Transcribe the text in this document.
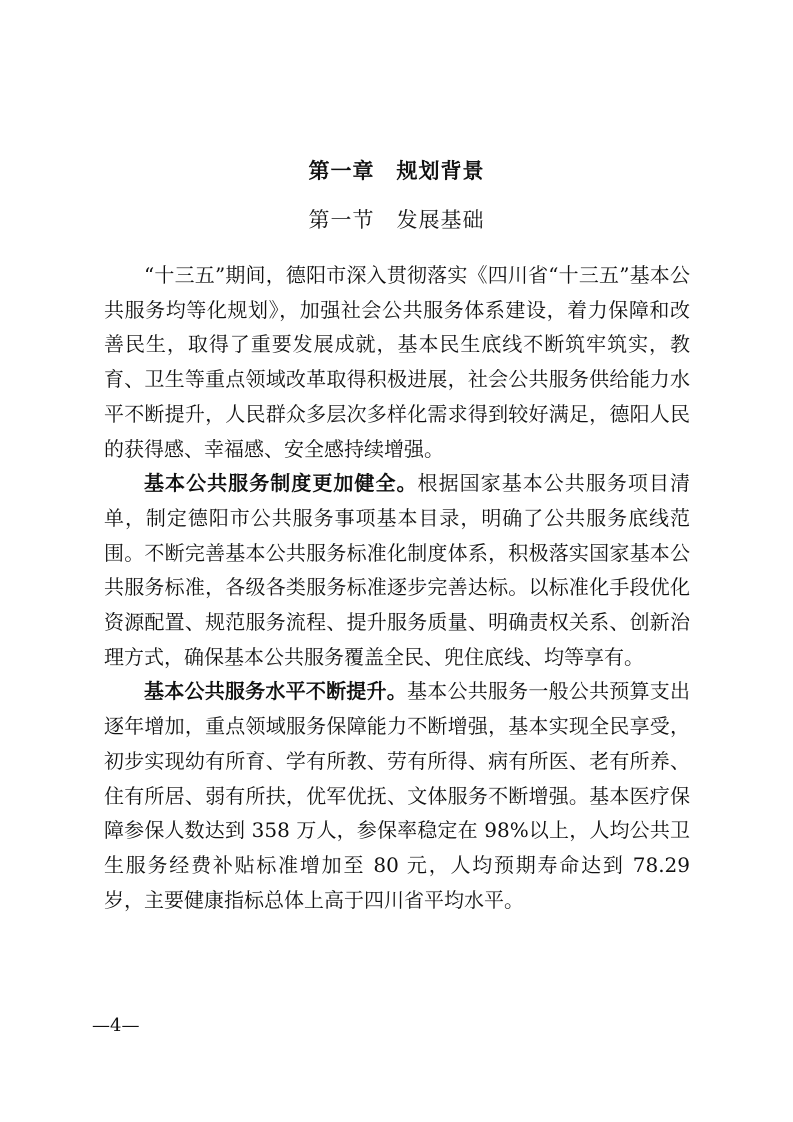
第一章　规划背景
第一节　发展基础

“十三五”期间，德阳市深入贯彻落实《四川省“十三五”基本公共服务均等化规划》，加强社会公共服务体系建设，着力保障和改善民生，取得了重要发展成就，基本民生底线不断筑牢筑实，教育、卫生等重点领域改革取得积极进展，社会公共服务供给能力水平不断提升，人民群众多层次多样化需求得到较好满足，德阳人民的获得感、幸福感、安全感持续增强。

基本公共服务制度更加健全。根据国家基本公共服务项目清单，制定德阳市公共服务事项基本目录，明确了公共服务底线范围。不断完善基本公共服务标准化制度体系，积极落实国家基本公共服务标准，各级各类服务标准逐步完善达标。以标准化手段优化资源配置、规范服务流程、提升服务质量、明确责权关系、创新治理方式，确保基本公共服务覆盖全民、兜住底线、均等享有。

基本公共服务水平不断提升。基本公共服务一般公共预算支出逐年增加，重点领域服务保障能力不断增强，基本实现全民享受，初步实现幼有所育、学有所教、劳有所得、病有所医、老有所养、住有所居、弱有所扶，优军优抚、文体服务不断增强。基本医疗保障参保人数达到 358 万人，参保率稳定在 98%以上，人均公共卫生服务经费补贴标准增加至 80 元，人均预期寿命达到 78.29 岁，主要健康指标总体上高于四川省平均水平。

—4—
